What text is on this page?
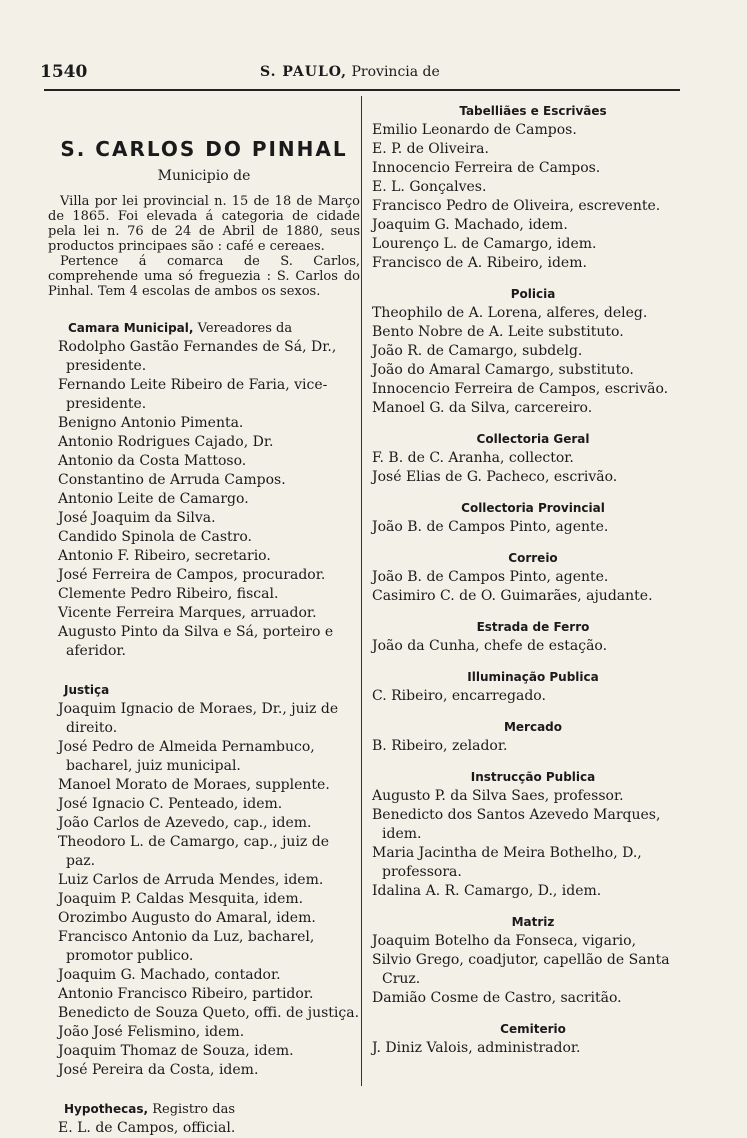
1540	S. PAULO, Provincia de
S. CARLOS DO PINHAL
Municipio de
Villa por lei provincial n. 15 de 18 de Março de 1865. Foi elevada á categoria de cidade pela lei n. 76 de 24 de Abril de 1880, seus productos principaes são : café e cereaes.
Pertence á comarca de S. Carlos, comprehende uma só freguezia : S. Carlos do Pinhal. Tem 4 escolas de ambos os sexos.
Camara Municipal, Vereadores da
Rodolpho Gastão Fernandes de Sá, Dr., presidente.
Fernando Leite Ribeiro de Faria, vice-presidente.
Benigno Antonio Pimenta.
Antonio Rodrigues Cajado, Dr.
Antonio da Costa Mattoso.
Constantino de Arruda Campos.
Antonio Leite de Camargo.
José Joaquim da Silva.
Candido Spinola de Castro.
Antonio F. Ribeiro, secretario.
José Ferreira de Campos, procurador.
Clemente Pedro Ribeiro, fiscal.
Vicente Ferreira Marques, arruador.
Augusto Pinto da Silva e Sá, porteiro e aferidor.
Justiça
Joaquim Ignacio de Moraes, Dr., juiz de direito.
José Pedro de Almeida Pernambuco, bacharel, juiz municipal.
Manoel Morato de Moraes, supplente.
José Ignacio C. Penteado, idem.
João Carlos de Azevedo, cap., idem.
Theodoro L. de Camargo, cap., juiz de paz.
Luiz Carlos de Arruda Mendes, idem.
Joaquim P. Caldas Mesquita, idem.
Orozimbo Augusto do Amaral, idem.
Francisco Antonio da Luz, bacharel, promotor publico.
Joaquim G. Machado, contador.
Antonio Francisco Ribeiro, partidor.
Benedicto de Souza Queto, offi. de justiça.
João José Felismino, idem.
Joaquim Thomaz de Souza, idem.
José Pereira da Costa, idem.
Hypothecas, Registro das
E. L. de Campos, official.
Tabelliães e Escrivães
Emilio Leonardo de Campos.
E. P. de Oliveira.
Innocencio Ferreira de Campos.
E. L. Gonçalves.
Francisco Pedro de Oliveira, escrevente.
Joaquim G. Machado, idem.
Lourenço L. de Camargo, idem.
Francisco de A. Ribeiro, idem.
Policia
Theophilo de A. Lorena, alferes, deleg.
Bento Nobre de A. Leite substituto.
João R. de Camargo, subdelg.
João do Amaral Camargo, substituto.
Innocencio Ferreira de Campos, escrivão.
Manoel G. da Silva, carcereiro.
Collectoria Geral
F. B. de C. Aranha, collector.
José Elias de G. Pacheco, escrivão.
Collectoria Provincial
João B. de Campos Pinto, agente.
Correio
João B. de Campos Pinto, agente.
Casimiro C. de O. Guimarães, ajudante.
Estrada de Ferro
João da Cunha, chefe de estação.
Illuminação Publica
C. Ribeiro, encarregado.
Mercado
B. Ribeiro, zelador.
Instrucção Publica
Augusto P. da Silva Saes, professor.
Benedicto dos Santos Azevedo Marques, idem.
Maria Jacintha de Meira Bothelho, D., professora.
Idalina A. R. Camargo, D., idem.
Matriz
Joaquim Botelho da Fonseca, vigario,
Silvio Grego, coadjutor, capellão de Santa Cruz.
Damião Cosme de Castro, sacritão.
Cemiterio
J. Diniz Valois, administrador.
